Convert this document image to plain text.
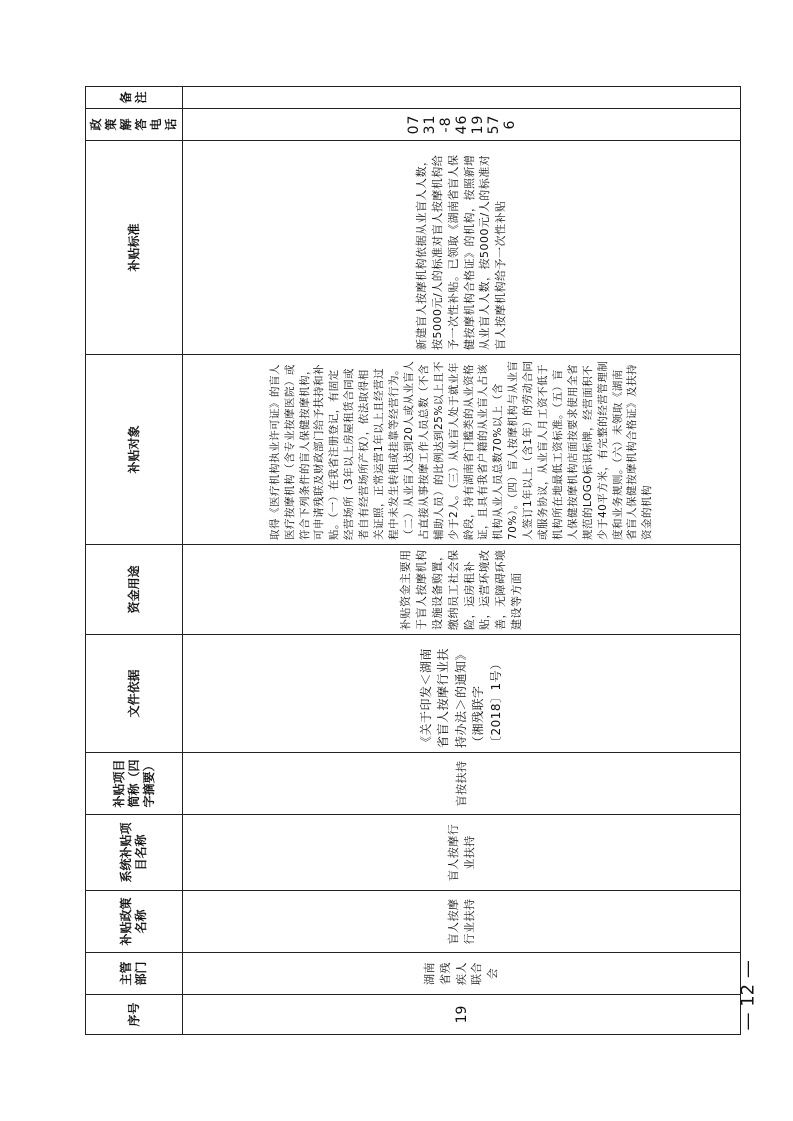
序号	主管部门	补贴政策名称	系统补贴项目名称	补贴项目简称（四字摘要）	文件依据	资金用途	补贴对象	补贴标准	政策解答电话	备注
19	湖南省残疾人联合会	盲人按摩行业扶持	盲人按摩行业扶持	盲按扶持	《关于印发＜湖南省盲人按摩行业扶持办法＞的通知》（湘残联字〔2018〕1号）	补贴资金主要用于盲人按摩机构设施设备购置，缴纳员工社会保险，运房租补贴，运营环境改善，无障碍环境建设等方面	取得《医疗机构执业许可证》的盲人医疗按摩机构（含专业按摩医院）或符合下列条件的盲人保健按摩机构，可申请残联及财政部门给予扶持和补贴。（一）在我省注册登记，有固定经营场所（3年以上房屋租赁合同或者自有经营场所产权），依法取得相关证照，正常运营1年以上且经营过程中未发生转租或挂靠等经营行为。（二）从业盲人达到20人或从业盲人占直接从事按摩工作人员总数（不含辅助人员）的比例达到25%以上且不少于2人。（三）从业盲人处于就业年龄段，持有湖南省门槛类的从业资格证，且具有我省户籍的从业盲人占该机构从业人员总数70%以上（含70%）。（四）盲人按摩机构与从业盲人签订1年以上（含1年）的劳动合同或服务协议，从业盲人月工资不低于机构所在地最低工资标准。（五）盲人保健按摩机构店面按要求使用全省规范的LOGO标识标牌，经营面积不少于40平方米，有完整的经营管理制度和业务规则。（六）未领取《湖南省盲人保健按摩机构合格证》及扶持资金的机构	新建盲人按摩机构依据从业盲人人数，按5000元/人的标准对盲人按摩机构给予一次性补贴。已领取《湖南省盲人保健按摩机构合格证》的机构，按照新增从业盲人人数，按5000元/人的标准对盲人按摩机构给予一次性补贴	0731-84619576	
— 12 —
